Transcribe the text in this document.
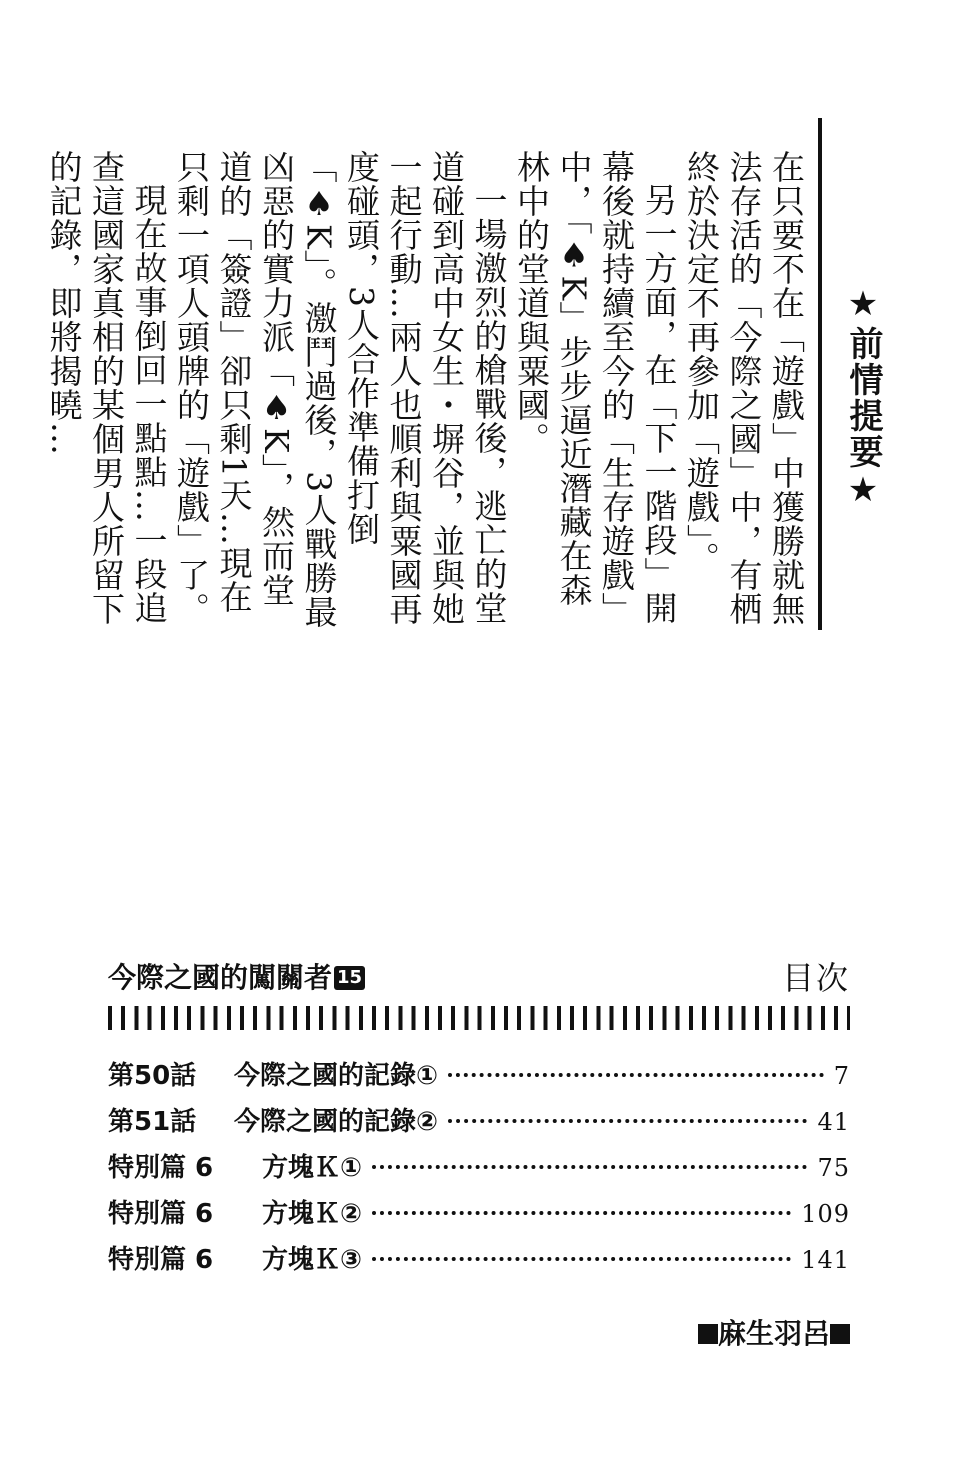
★前情提要★

在只要不在「遊戲」中獲勝就無法存活的「今際之國」中，有栖終於決定不再參加「遊戲」。

另一方面，在「下一階段」開幕後就持續至今的「生存遊戲」中，「♠K」步步逼近潛藏在森林中的堂道與粟國。

一場激烈的槍戰後，逃亡的堂道碰到高中女生・塀谷，並與她一起行動…兩人也順利與粟國再度碰頭，3人合作準備打倒「♠K」。激鬥過後，3人戰勝最凶惡的實力派「♠K」，然而堂道的「簽證」卻只剩1天…現在只剩一項人頭牌的「遊戲」了。

現在故事倒回一點點…一段追查這國家真相的某個男人所留下的記錄，即將揭曉…

今際之國的闖關者 15	目次
第50話	今際之國的記錄①	7
第51話	今際之國的記錄②	41
特別篇 6	方塊Ｋ①	75
特別篇 6	方塊Ｋ②	109
特別篇 6	方塊Ｋ③	141
麻生羽呂
